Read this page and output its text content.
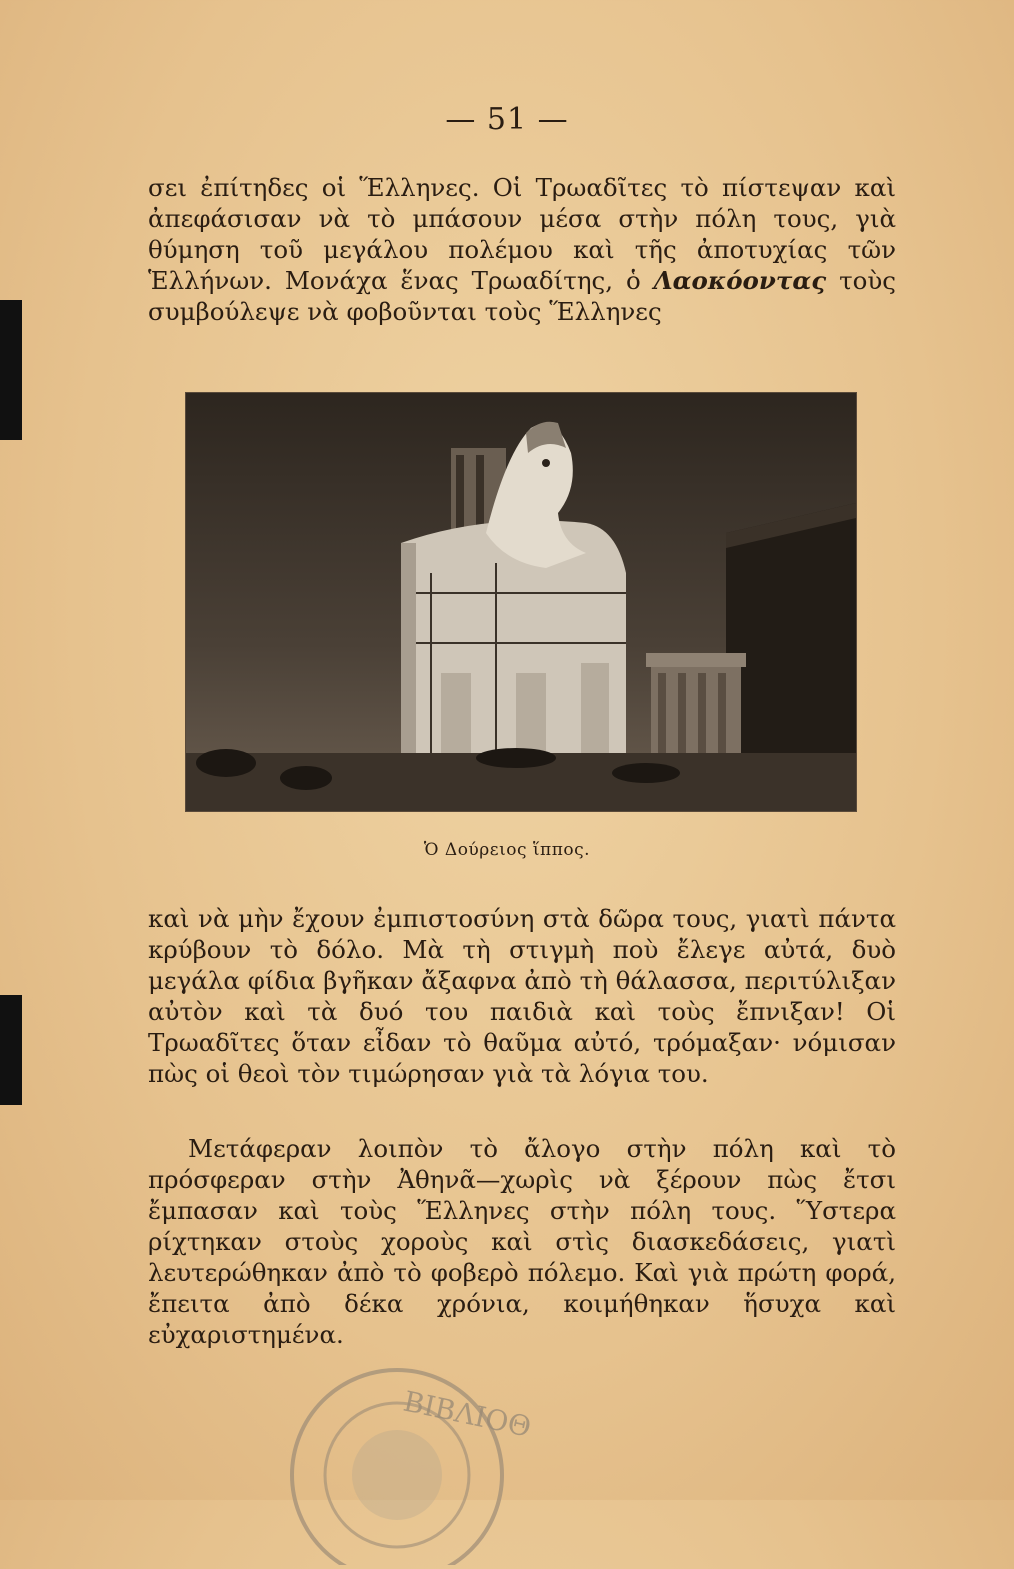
— 51 —

σει ἐπίτηδες οἱ Ἕλληνες. Οἱ Τρωαδῖτες τὸ πίστεψαν καὶ ἀπεφάσισαν νὰ τὸ μπάσουν μέσα στὴν πόλη τους, γιὰ θύμηση τοῦ μεγάλου πολέμου καὶ τῆς ἀποτυχίας τῶν Ἑλλήνων. Μονάχα ἕνας Τρωαδίτης, ὁ Λαοκόοντας τοὺς συμβούλεψε νὰ φοβοῦνται τοὺς Ἕλληνες

Ὁ Δούρειος ἵππος.

καὶ νὰ μὴν ἔχουν ἐμπιστοσύνη στὰ δῶρα τους, γιατὶ πάντα κρύβουν τὸ δόλο. Μὰ τὴ στιγμὴ ποὺ ἔλεγε αὐτά, δυὸ μεγάλα φίδια βγῆκαν ἄξαφνα ἀπὸ τὴ θάλασσα, περιτύλιξαν αὐτὸν καὶ τὰ δυό του παιδιὰ καὶ τοὺς ἔπνιξαν! Οἱ Τρωαδῖτες ὅταν εἶδαν τὸ θαῦμα αὐτό, τρόμαξαν· νόμισαν πὼς οἱ θεοὶ τὸν τιμώρησαν γιὰ τὰ λόγια του.

Μετάφεραν λοιπὸν τὸ ἄλογο στὴν πόλη καὶ τὸ πρόσφεραν στὴν Ἀθηνᾶ—χωρὶς νὰ ξέρουν πὼς ἔτσι ἔμπασαν καὶ τοὺς Ἕλληνες στὴν πόλη τους. Ὕστερα ρίχτηκαν στοὺς χοροὺς καὶ στὶς διασκεδάσεις, γιατὶ λευτερώθηκαν ἀπὸ τὸ φοβερὸ πόλεμο. Καὶ γιὰ πρώτη φορά, ἔπειτα ἀπὸ δέκα χρόνια, κοιμήθηκαν ἥσυχα καὶ εὐχαριστημένα.

ΒΙΒΛΙΟΘ
